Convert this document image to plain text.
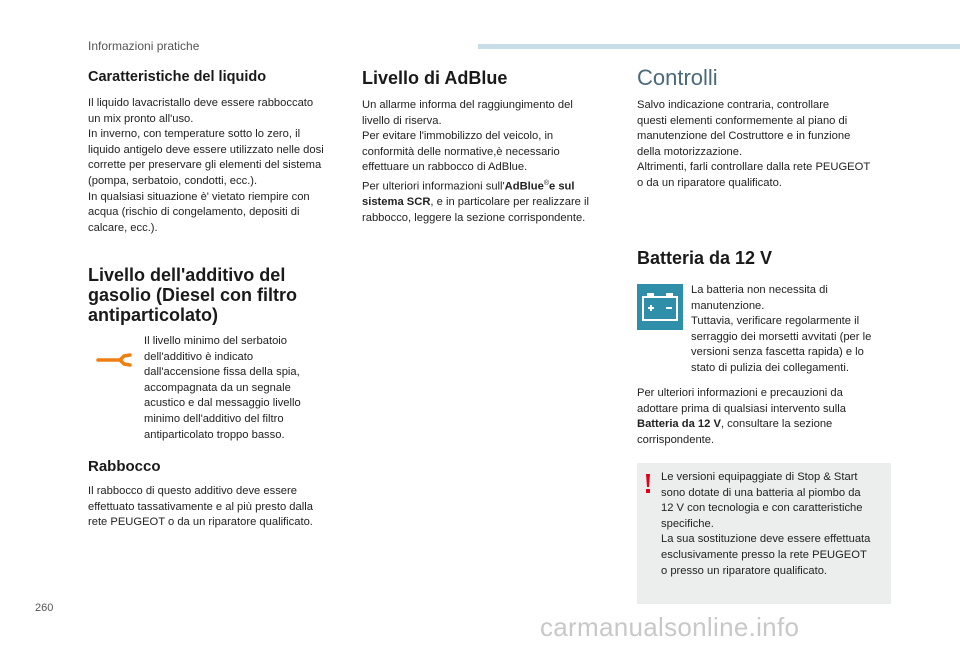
Informazioni pratiche
Caratteristiche del liquido

Il liquido lavacristallo deve essere rabboccato

un mix pronto all'uso.

In inverno, con temperature sotto lo zero, il

liquido antigelo deve essere utilizzato nelle dosi

corrette per preservare gli elementi del sistema

(pompa, serbatoio, condotti, ecc.).

In qualsiasi situazione è' vietato riempire con

acqua (rischio di congelamento, depositi di

calcare, ecc.).

Livello dell'additivo del
gasolio (Diesel con filtro
antiparticolato)

Il livello minimo del serbatoio

dell'additivo è indicato

dall'accensione fissa della spia,

accompagnata da un segnale

acustico e dal messaggio livello

minimo dell'additivo del filtro

antiparticolato troppo basso.

Rabbocco

Il rabbocco di questo additivo deve essere

effettuato tassativamente e al più presto dalla

rete PEUGEOT o da un riparatore qualificato.

Livello di AdBlue

Un allarme informa del raggiungimento del

livello di riserva.

Per evitare l'immobilizzo del veicolo, in

conformità delle normative,è necessario

effettuare un rabbocco di AdBlue.

Per ulteriori informazioni sull'AdBlue®e sul

sistema SCR, e in particolare per realizzare il

rabbocco, leggere la sezione corrispondente.

Controlli

Salvo indicazione contraria, controllare

questi elementi conformemente al piano di

manutenzione del Costruttore e in funzione

della motorizzazione.

Altrimenti, farli controllare dalla rete PEUGEOT

o da un riparatore qualificato.

Batteria da 12 V

La batteria non necessita di

manutenzione.

Tuttavia, verificare regolarmente il

serraggio dei morsetti avvitati (per le

versioni senza fascetta rapida) e lo

stato di pulizia dei collegamenti.

Per ulteriori informazioni e precauzioni da

adottare prima di qualsiasi intervento sulla

Batteria da 12 V, consultare la sezione

corrispondente.

Le versioni equipaggiate di Stop & Start

sono dotate di una batteria al piombo da

12 V con tecnologia e con caratteristiche

specifiche.

La sua sostituzione deve essere effettuata

esclusivamente presso la rete PEUGEOT

o presso un riparatore qualificato.

260
carmanualsonline.info
